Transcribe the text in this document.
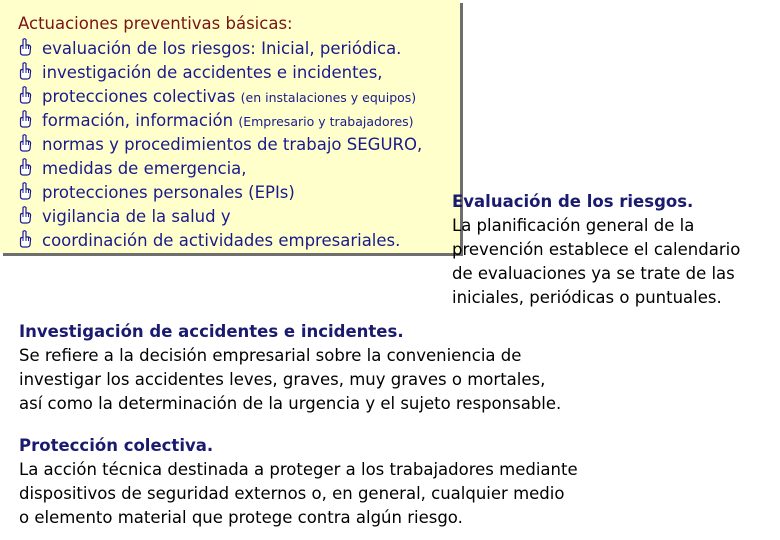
Actuaciones preventivas básicas:
evaluación de los riesgos: Inicial, periódica.
investigación de accidentes e incidentes,
protecciones colectivas (en instalaciones y equipos)
formación, información (Empresario y trabajadores)
normas y procedimientos de trabajo SEGURO,
medidas de emergencia,
protecciones personales (EPIs)
vigilancia de la salud y
coordinación de actividades empresariales.
Evaluación de los riesgos.
La planificación general de la
prevención establece el calendario
de evaluaciones ya se trate de las
iniciales, periódicas o puntuales.
Investigación de accidentes e incidentes.
Se refiere a la decisión empresarial sobre la conveniencia de
investigar los accidentes leves, graves, muy graves o mortales,
así como la determinación de la urgencia y el sujeto responsable.
Protección colectiva.
La acción técnica destinada a proteger a los trabajadores mediante
dispositivos de seguridad externos o, en general, cualquier medio
o elemento material que protege contra algún riesgo.
